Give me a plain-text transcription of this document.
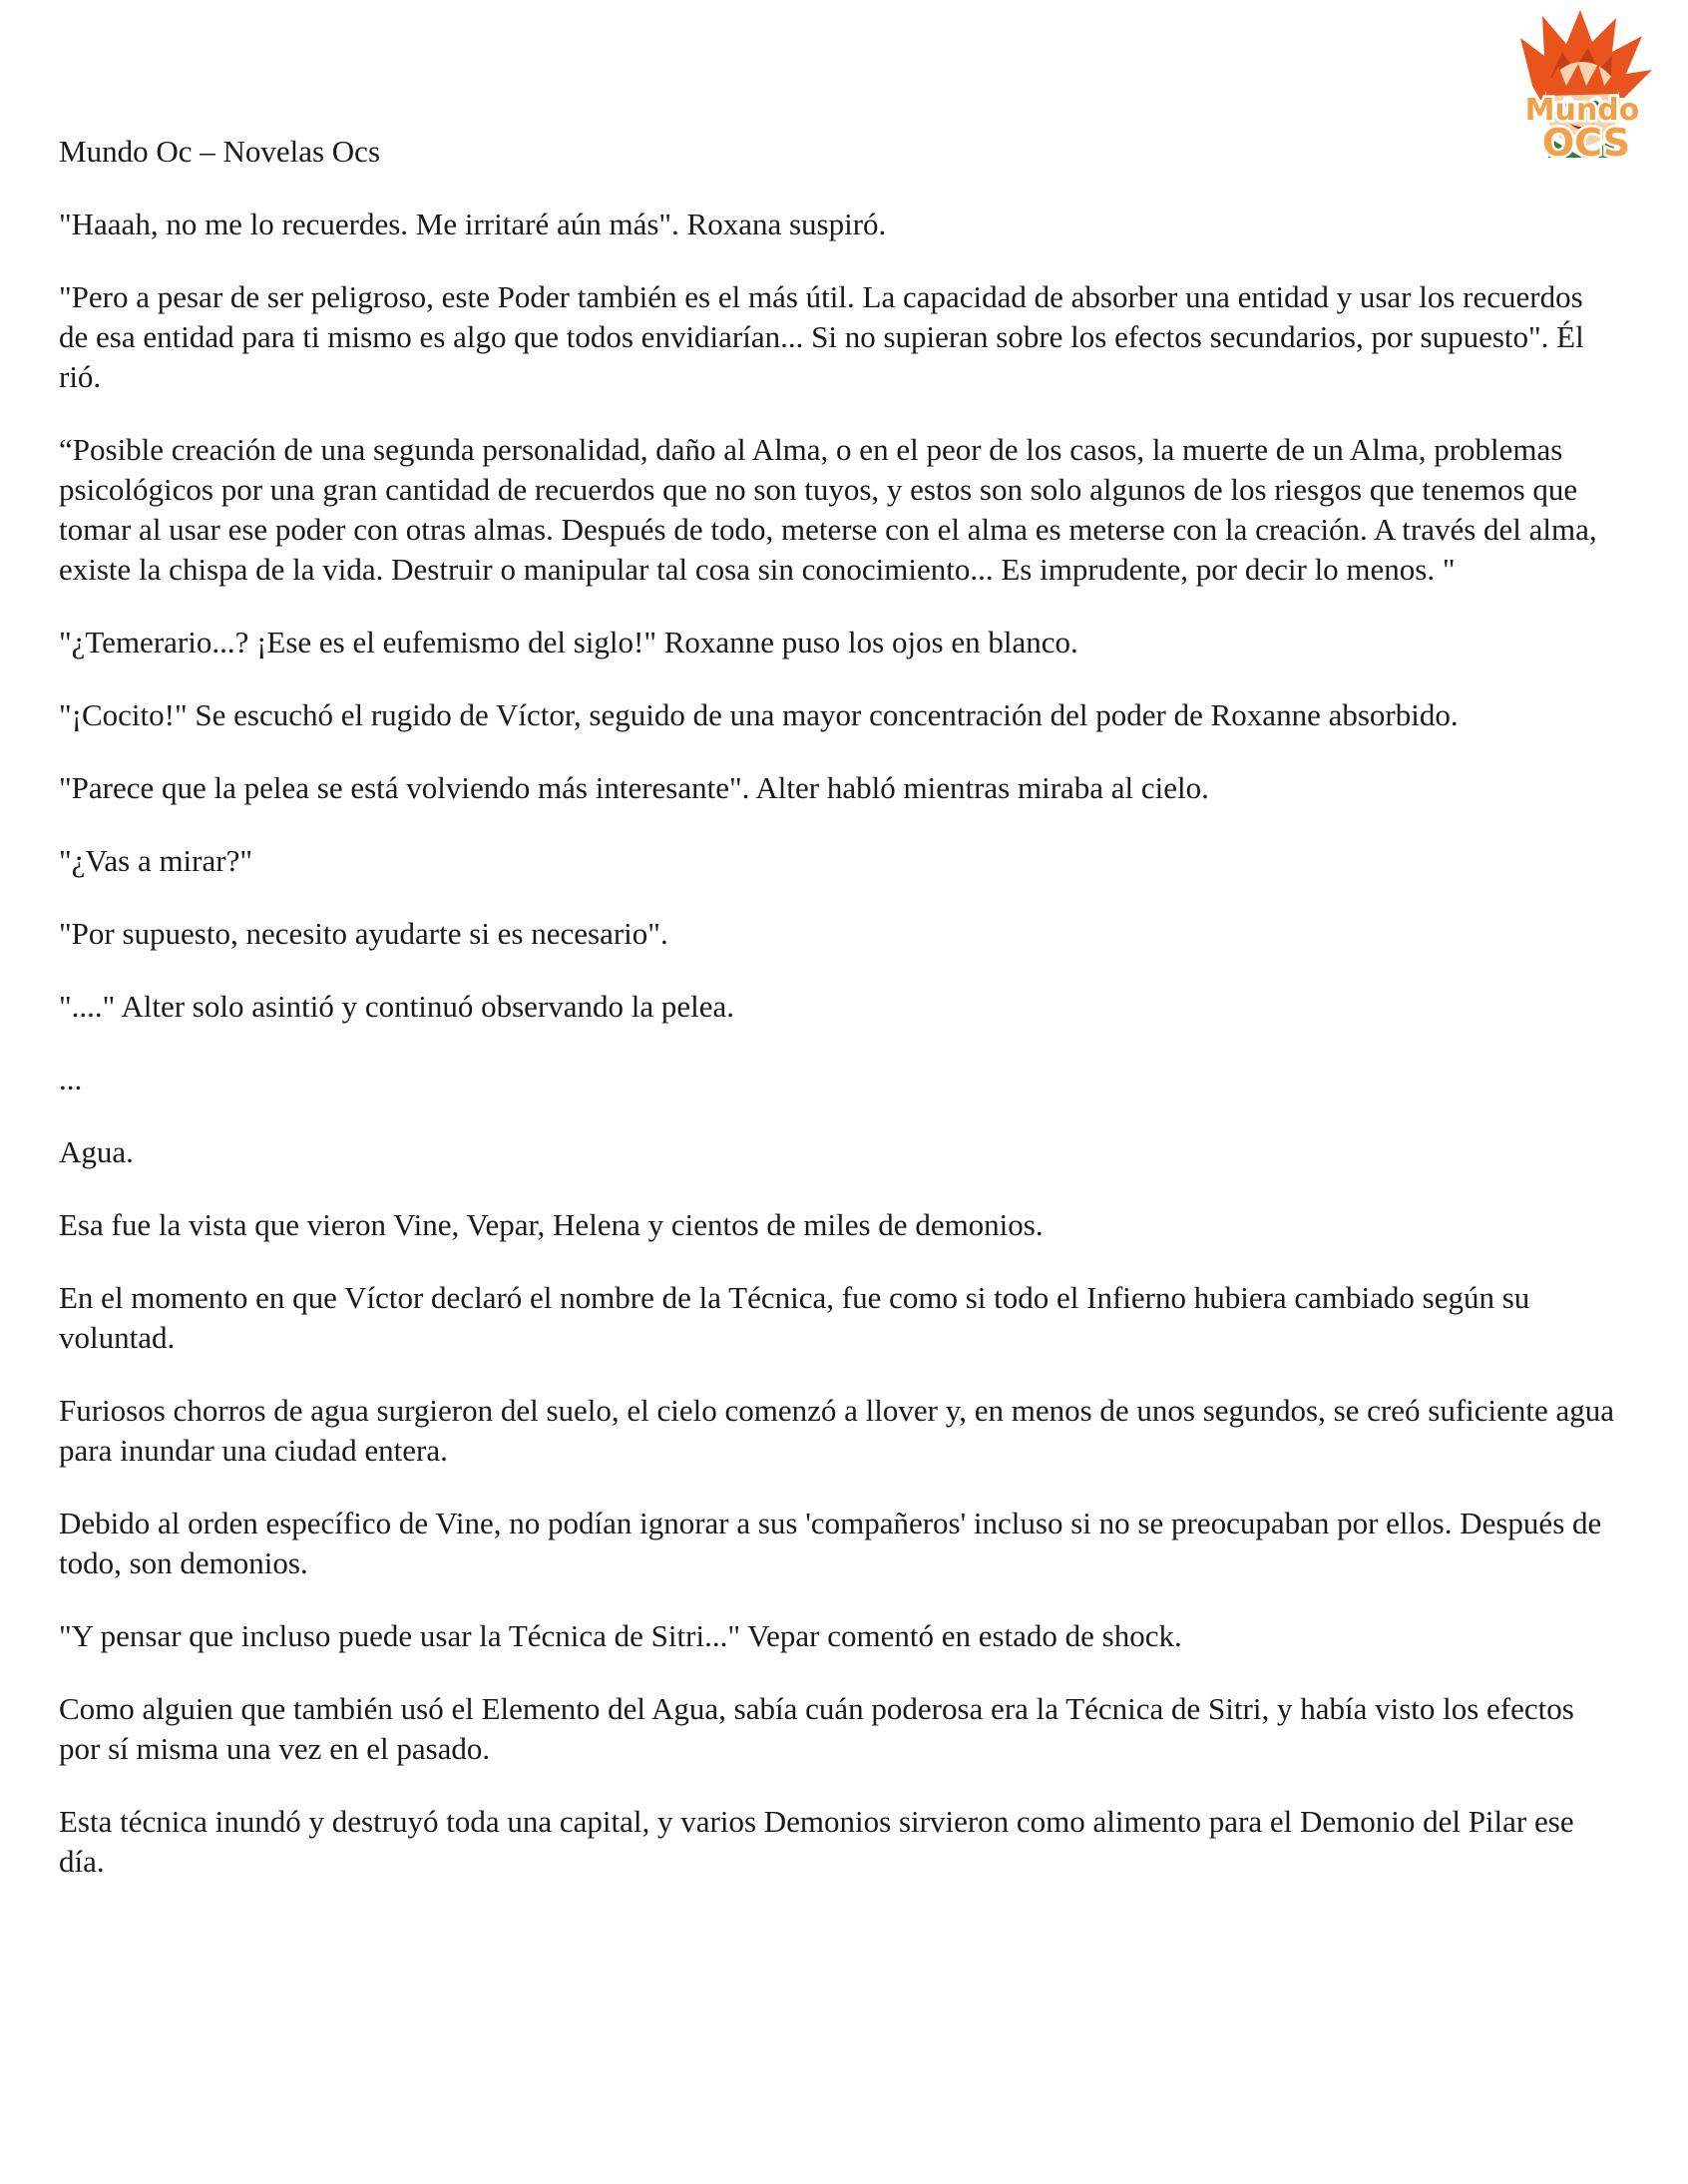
Mundo
OCS
Mundo Oc – Novelas Ocs

"Haaah, no me lo recuerdes. Me irritaré aún más". Roxana suspiró.

"Pero a pesar de ser peligroso, este Poder también es el más útil. La capacidad de absorber una entidad y usar los recuerdos de esa entidad para ti mismo es algo que todos envidiarían... Si no supieran sobre los efectos secundarios, por supuesto". Él rió.

“Posible creación de una segunda personalidad, daño al Alma, o en el peor de los casos, la muerte de un Alma, problemas psicológicos por una gran cantidad de recuerdos que no son tuyos, y estos son solo algunos de los riesgos que tenemos que tomar al usar ese poder con otras almas. Después de todo, meterse con el alma es meterse con la creación. A través del alma, existe la chispa de la vida. Destruir o manipular tal cosa sin conocimiento... Es imprudente, por decir lo menos. "

"¿Temerario...? ¡Ese es el eufemismo del siglo!" Roxanne puso los ojos en blanco.

"¡Cocito!" Se escuchó el rugido de Víctor, seguido de una mayor concentración del poder de Roxanne absorbido.

"Parece que la pelea se está volviendo más interesante". Alter habló mientras miraba al cielo.

"¿Vas a mirar?"

"Por supuesto, necesito ayudarte si es necesario".

"...." Alter solo asintió y continuó observando la pelea.

...

Agua.

Esa fue la vista que vieron Vine, Vepar, Helena y cientos de miles de demonios.

En el momento en que Víctor declaró el nombre de la Técnica, fue como si todo el Infierno hubiera cambiado según su voluntad.

Furiosos chorros de agua surgieron del suelo, el cielo comenzó a llover y, en menos de unos segundos, se creó suficiente agua para inundar una ciudad entera.

Debido al orden específico de Vine, no podían ignorar a sus 'compañeros' incluso si no se preocupaban por ellos. Después de todo, son demonios.

"Y pensar que incluso puede usar la Técnica de Sitri..." Vepar comentó en estado de shock.

Como alguien que también usó el Elemento del Agua, sabía cuán poderosa era la Técnica de Sitri, y había visto los efectos por sí misma una vez en el pasado.

Esta técnica inundó y destruyó toda una capital, y varios Demonios sirvieron como alimento para el Demonio del Pilar ese día.
